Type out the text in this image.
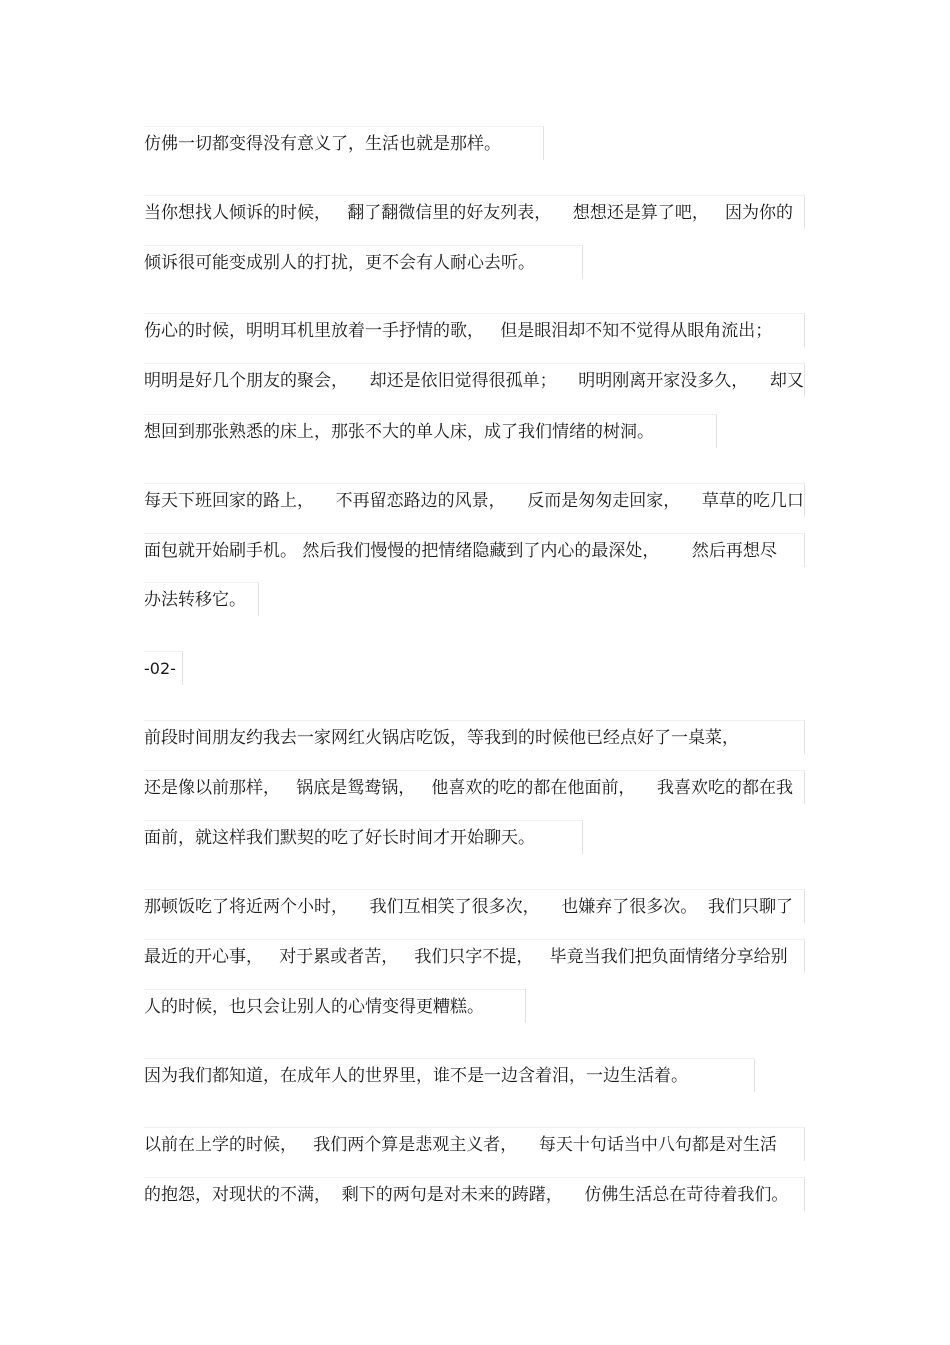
仿佛一切都变得没有意义了，生活也就是那样。
当你想找人倾诉的时候，   翻了翻微信里的好友列表，    想想还是算了吧，   因为你的
倾诉很可能变成别人的打扰，更不会有人耐心去听。
伤心的时候，明明耳机里放着一手抒情的歌，   但是眼泪却不知不觉得从眼角流出；
明明是好几个朋友的聚会，    却还是依旧觉得很孤单；    明明刚离开家没多久，    却又
想回到那张熟悉的床上，那张不大的单人床，成了我们情绪的树洞。
每天下班回家的路上，    不再留恋路边的风景，    反而是匆匆走回家，    草草的吃几口
面包就开始刷手机。 然后我们慢慢的把情绪隐藏到了内心的最深处，      然后再想尽
办法转移它。
-02-
前段时间朋友约我去一家网红火锅店吃饭，等我到的时候他已经点好了一桌菜，
还是像以前那样，   锅底是鸳鸯锅，   他喜欢的吃的都在他面前，    我喜欢吃的都在我
面前，就这样我们默契的吃了好长时间才开始聊天。
那顿饭吃了将近两个小时，    我们互相笑了很多次，    也嫌弃了很多次。  我们只聊了
最近的开心事，   对于累或者苦，   我们只字不提，   毕竟当我们把负面情绪分享给别
人的时候，也只会让别人的心情变得更糟糕。
因为我们都知道，在成年人的世界里，谁不是一边含着泪，一边生活着。
以前在上学的时候，   我们两个算是悲观主义者，    每天十句话当中八句都是对生活
的抱怨，对现状的不满，  剩下的两句是对未来的踌躇，    仿佛生活总在苛待着我们。
